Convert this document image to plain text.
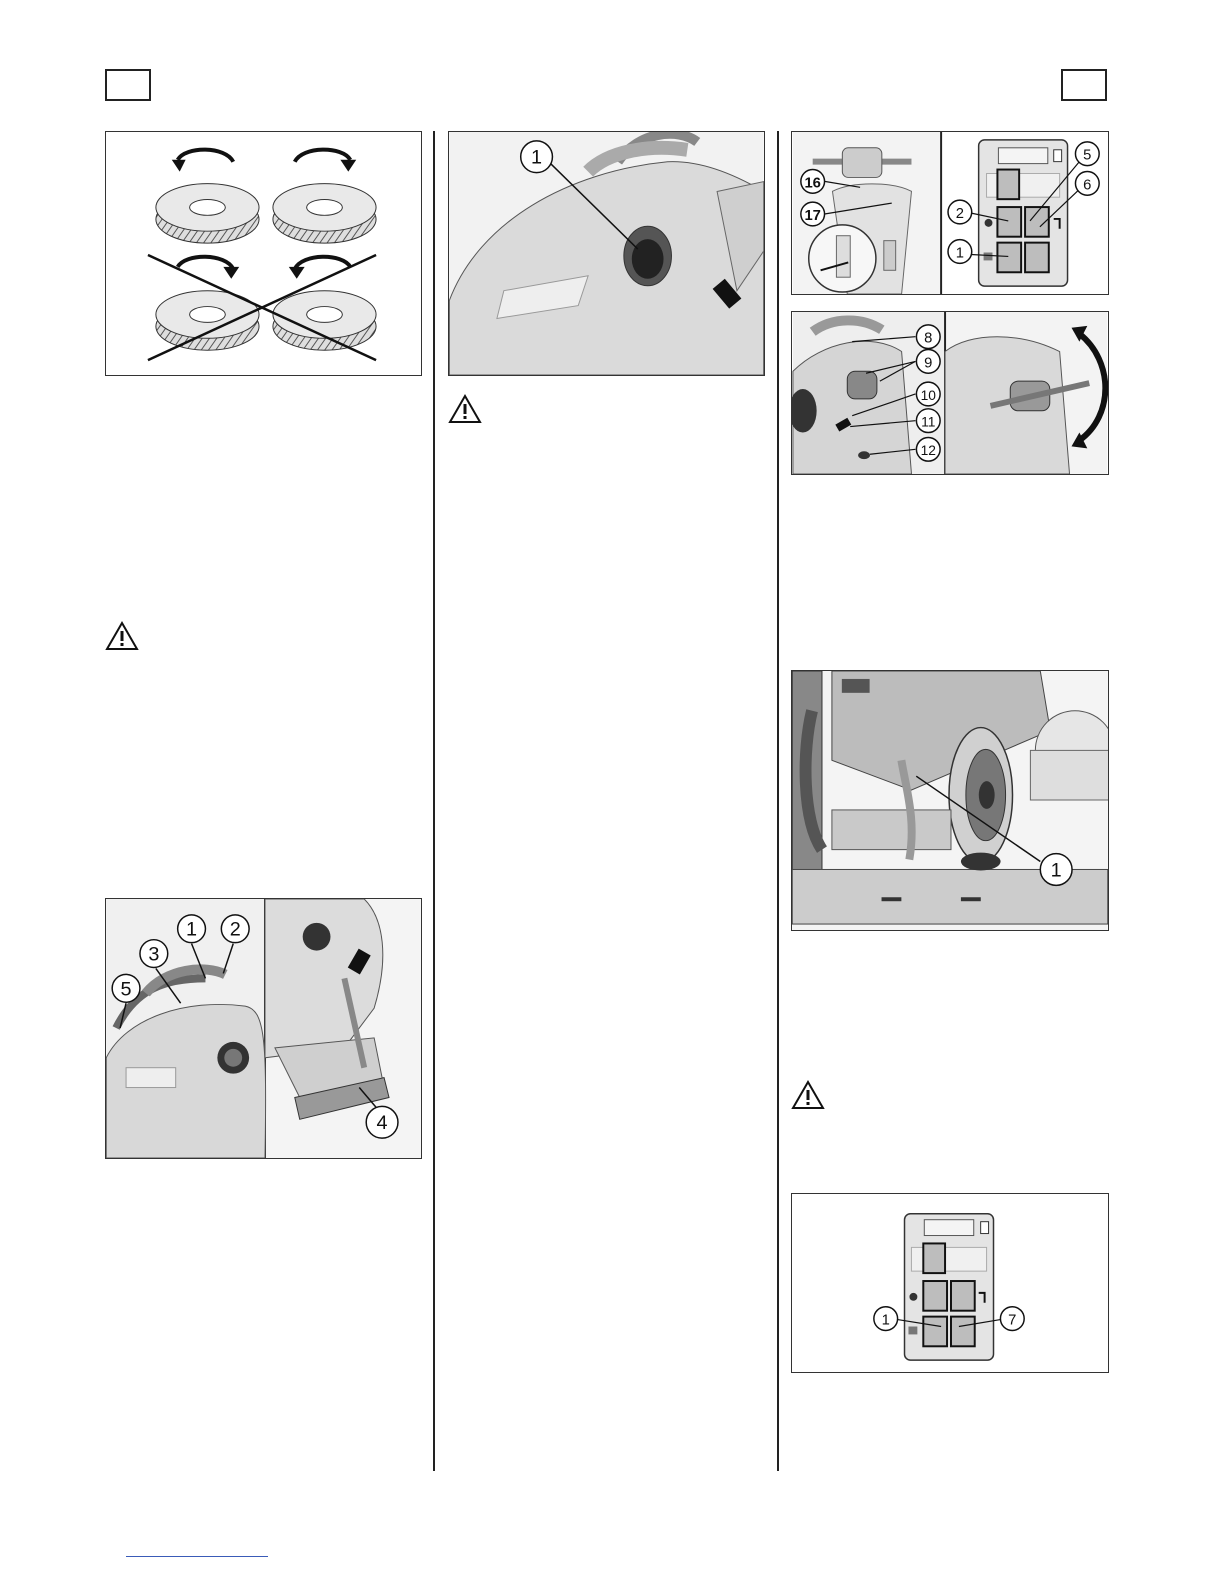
3
1 2
5
4
1
16
17	2
1
5
6
8
9
10
11
12
1
1	7
